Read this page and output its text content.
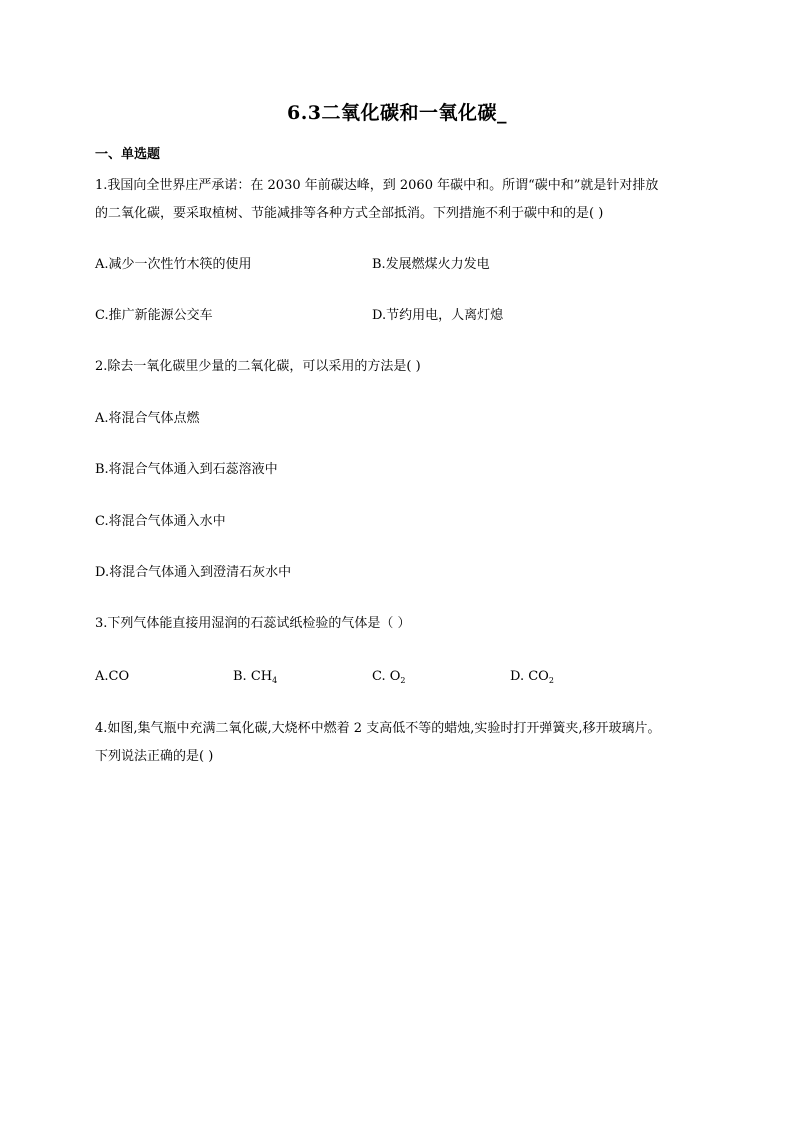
6.3二氧化碳和一氧化碳_
一、单选题
1.我国向全世界庄严承诺：在 2030 年前碳达峰，到 2060 年碳中和。所谓“碳中和”就是针对排放
的二氧化碳，要采取植树、节能减排等各种方式全部抵消。下列措施不利于碳中和的是( )
A.减少一次性竹木筷的使用	B.发展燃煤火力发电
C.推广新能源公交车	D.节约用电，人离灯熄
2.除去一氧化碳里少量的二氧化碳，可以采用的方法是( )
A.将混合气体点燃
B.将混合气体通入到石蕊溶液中
C.将混合气体通入水中
D.将混合气体通入到澄清石灰水中
3.下列气体能直接用湿润的石蕊试纸检验的气体是（ ）
A.CO	B. $CH_4$	C. $O_2$	D. $CO_2$
4.如图,集气瓶中充满二氧化碳,大烧杯中燃着 2 支高低不等的蜡烛,实验时打开弹簧夹,移开玻璃片。
下列说法正确的是( )
